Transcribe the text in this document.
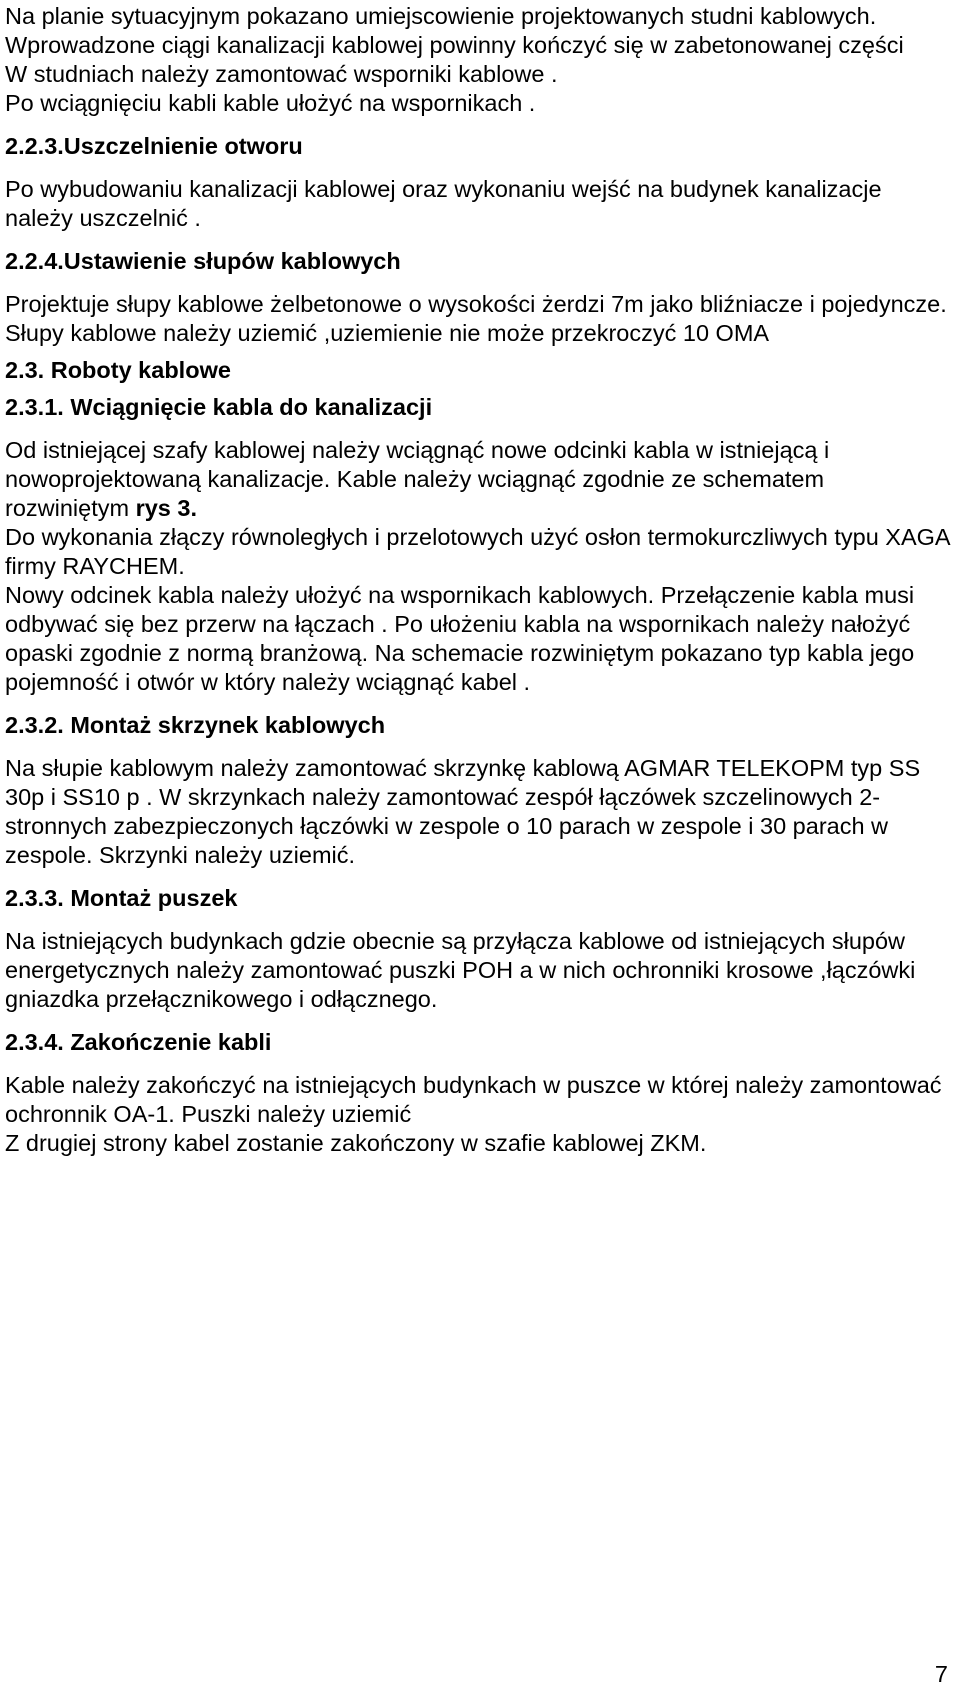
Na planie sytuacyjnym pokazano umiejscowienie projektowanych studni kablowych.

Wprowadzone ciągi kanalizacji kablowej powinny kończyć się w zabetonowanej części

W studniach należy zamontować wsporniki kablowe .

Po wciągnięciu kabli kable ułożyć na wspornikach .

2.2.3.Uszczelnienie otworu

Po wybudowaniu kanalizacji kablowej oraz wykonaniu wejść na budynek kanalizacje należy uszczelnić .

2.2.4.Ustawienie słupów kablowych

Projektuje słupy kablowe żelbetonowe o wysokości żerdzi 7m jako bliźniacze i pojedyncze.

Słupy kablowe należy uziemić ,uziemienie nie może przekroczyć 10 OMA

2.3. Roboty kablowe
2.3.1. Wciągnięcie kabla do kanalizacji

Od istniejącej szafy kablowej należy wciągnąć nowe odcinki kabla w istniejącą i nowoprojektowaną kanalizacje. Kable należy wciągnąć zgodnie ze schematem rozwiniętym rys 3.

Do wykonania złączy równoległych i przelotowych użyć osłon termokurczliwych typu XAGA firmy RAYCHEM.

Nowy odcinek kabla należy ułożyć na wspornikach kablowych. Przełączenie kabla musi odbywać się bez przerw na łączach . Po ułożeniu kabla na wspornikach należy nałożyć opaski zgodnie z normą branżową. Na schemacie rozwiniętym pokazano typ kabla jego pojemność i otwór w który należy wciągnąć kabel .

2.3.2. Montaż skrzynek kablowych

Na słupie kablowym należy zamontować skrzynkę kablową AGMAR TELEKOPM typ SS 30p i SS10 p . W skrzynkach należy zamontować zespół łączówek szczelinowych 2-stronnych zabezpieczonych łączówki w zespole o 10 parach w zespole i 30 parach w zespole. Skrzynki należy uziemić.

2.3.3. Montaż puszek

Na istniejących budynkach gdzie obecnie są przyłącza kablowe od istniejących słupów energetycznych należy zamontować puszki POH a w nich ochronniki krosowe ,łączówki gniazdka przełącznikowego i odłącznego.

2.3.4. Zakończenie kabli

Kable należy zakończyć na istniejących budynkach w puszce w której należy zamontować ochronnik OA-1. Puszki należy uziemić

Z drugiej strony kabel zostanie zakończony w szafie kablowej ZKM.

7
